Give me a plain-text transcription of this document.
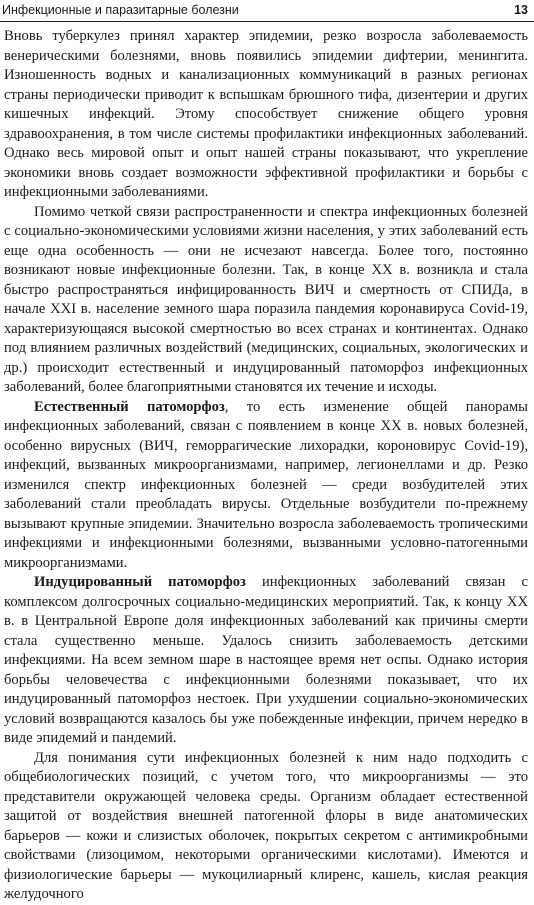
Инфекционные и паразитарные болезни	13

Вновь туберкулез принял характер эпидемии, резко возросла заболеваемость венерическими болезнями, вновь появились эпидемии дифтерии, менингита. Изношенность водных и канализационных коммуникаций в разных регионах страны периодически приводит к вспышкам брюшного тифа, дизентерии и других кишечных инфекций. Этому способствует снижение общего уровня здравоохранения, в том числе системы профилактики инфекционных заболеваний. Однако весь мировой опыт и опыт нашей страны показывают, что укрепление экономики вновь создает возможности эффективной профилактики и борьбы с инфекционными заболеваниями.

Помимо четкой связи распространенности и спектра инфекционных болезней с социально-экономическими условиями жизни населения, у этих заболеваний есть еще одна особенность — они не исчезают навсегда. Более того, постоянно возникают новые инфекционные болезни. Так, в конце XX в. возникла и стала быстро распространяться инфицированность ВИЧ и смертность от СПИДа, в начале XXI в. население земного шара поразила пандемия коронавируса Covid-19, характеризующаяся высокой смертностью во всех странах и континентах. Однако под влиянием различных воздействий (медицинских, социальных, экологических и др.) происходит естественный и индуцированный патоморфоз инфекционных заболеваний, более благоприятными становятся их течение и исходы.

Естественный патоморфоз, то есть изменение общей панорамы инфекционных заболеваний, связан с появлением в конце XX в. новых болезней, особенно вирусных (ВИЧ, геморрагические лихорадки, короновирус Covid-19), инфекций, вызванных микроорганизмами, например, легионеллами и др. Резко изменился спектр инфекционных болезней — среди возбудителей этих заболеваний стали преобладать вирусы. Отдельные возбудители по-прежнему вызывают крупные эпидемии. Значительно возросла заболеваемость тропическими инфекциями и инфекционными болезнями, вызванными условно-патогенными микроорганизмами.

Индуцированный патоморфоз инфекционных заболеваний связан с комплексом долгосрочных социально-медицинских мероприятий. Так, к концу XX в. в Центральной Европе доля инфекционных заболеваний как причины смерти стала существенно меньше. Удалось снизить заболеваемость детскими инфекциями. На всем земном шаре в настоящее время нет оспы. Однако история борьбы человечества с инфекционными болезнями показывает, что их индуцированный патоморфоз нестоек. При ухудшении социально-экономических условий возвращаются казалось бы уже побежденные инфекции, причем нередко в виде эпидемий и пандемий.

Для понимания сути инфекционных болезней к ним надо подходить с общебиологических позиций, с учетом того, что микроорганизмы — это представители окружающей человека среды. Организм обладает естественной защитой от воздействия внешней патогенной флоры в виде анатомических барьеров — кожи и слизистых оболочек, покрытых секретом с антимикробными свойствами (лизоцимом, некоторыми органическими кислотами). Имеются и физиологические барьеры — мукоцилиарный клиренс, кашель, кислая реакция желудочного
